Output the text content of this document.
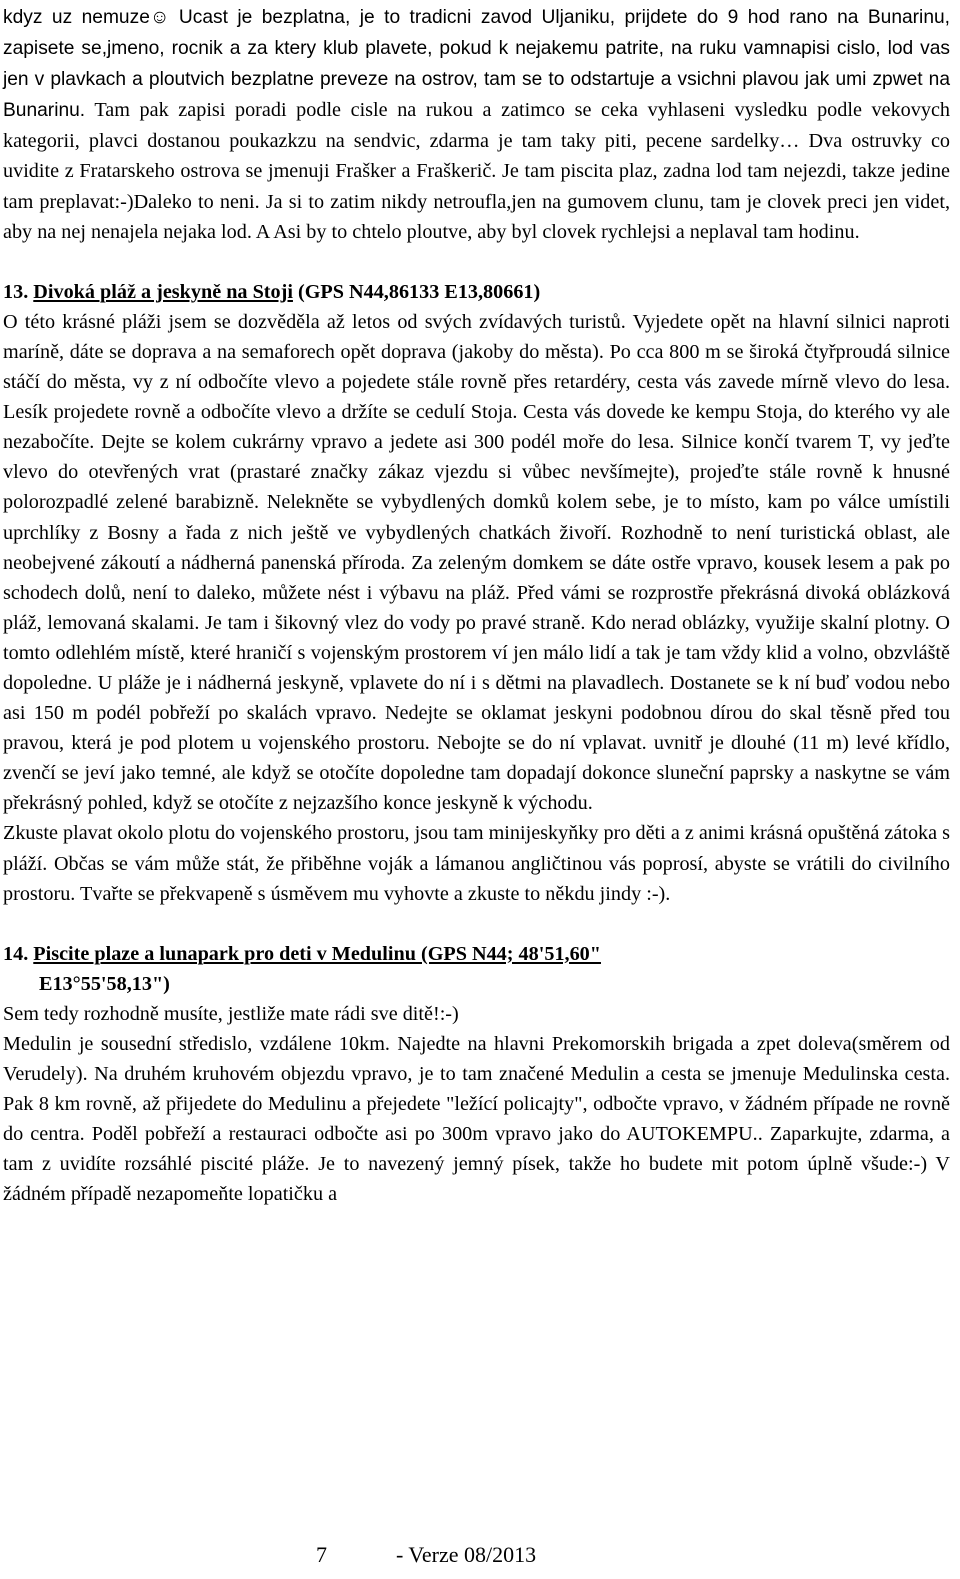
kdyz uz nemuze☺ Ucast je bezplatna, je to tradicni zavod Uljaniku, prijdete do 9 hod rano na Bunarinu, zapisete se,jmeno, rocnik a za ktery klub plavete, pokud k nejakemu patrite, na ruku vamnapisi cislo, lod vas jen v plavkach a ploutvich bezplatne preveze na ostrov, tam se to odstartuje a vsichni plavou jak umi zpwet na Bunarinu. Tam pak zapisi poradi podle cisle na rukou a zatimco se ceka vyhlaseni vysledku podle vekovych kategorii, plavci dostanou poukazkzu na sendvic, zdarma je tam taky piti, pecene sardelky… Dva ostruvky co uvidite z Fratarskeho ostrova se jmenuji Frašker a Fraškerič. Je tam piscita plaz, zadna lod tam nejezdi, takze jedine tam preplavat:-)Daleko to neni. Ja si to zatim nikdy netroufla,jen na gumovem clunu, tam je clovek preci jen videt, aby na nej nenajela nejaka lod. A Asi by to chtelo ploutve, aby byl clovek rychlejsi a neplaval tam hodinu.

13. Divoká pláž a jeskyně na Stoji (GPS N44,86133 E13,80661)

O této krásné pláži jsem se dozvěděla až letos od svých zvídavých turistů. Vyjedete opět na hlavní silnici naproti maríně, dáte se doprava a na semaforech opět doprava (jakoby do města). Po cca 800 m se široká čtyřproudá silnice stáčí do města, vy z ní odbočíte vlevo a pojedete stále rovně přes retardéry, cesta vás zavede mírně vlevo do lesa. Lesík projedete rovně a odbočíte vlevo a držíte se cedulí Stoja. Cesta vás dovede ke kempu Stoja, do kterého vy ale nezabočíte. Dejte se kolem cukrárny vpravo a jedete asi 300 podél moře do lesa. Silnice končí tvarem T, vy jeďte vlevo do otevřených vrat (prastaré značky zákaz vjezdu si vůbec nevšímejte), projeďte stále rovně k hnusné polorozpadlé zelené barabizně. Nelekněte se vybydlených domků kolem sebe, je to místo, kam po válce umístili uprchlíky z Bosny a řada z nich ještě ve vybydlených chatkách živoří. Rozhodně to není turistická oblast, ale neobejvené zákoutí a nádherná panenská příroda. Za zeleným domkem se dáte ostře vpravo, kousek lesem a pak po schodech dolů, není to daleko, můžete nést i výbavu na pláž. Před vámi se rozprostře překrásná divoká oblázková pláž, lemovaná skalami. Je tam i šikovný vlez do vody po pravé straně. Kdo nerad oblázky, využije skalní plotny. O tomto odlehlém místě, které hraničí s vojenským prostorem ví jen málo lidí a tak je tam vždy klid a volno, obzvláště dopoledne. U pláže je i nádherná jeskyně, vplavete do ní i s dětmi na plavadlech. Dostanete se k ní buď vodou nebo asi 150 m podél pobřeží po skalách vpravo. Nedejte se oklamat jeskyni podobnou dírou do skal těsně před tou pravou, která je pod plotem u vojenského prostoru. Nebojte se do ní vplavat. uvnitř je dlouhé (11 m) levé křídlo, zvenčí se jeví jako temné, ale když se otočíte dopoledne tam dopadají dokonce sluneční paprsky a naskytne se vám překrásný pohled, když se otočíte z nejzazšího konce jeskyně k východu.

Zkuste plavat okolo plotu do vojenského prostoru, jsou tam minijeskyňky pro děti a z animi krásná opuštěná zátoka s pláží. Občas se vám může stát, že přiběhne voják a lámanou angličtinou vás poprosí, abyste se vrátili do civilního prostoru. Tvařte se překvapeně s úsměvem mu vyhovte a zkuste to někdu jindy :-).

14. Piscite plaze a lunapark pro deti v Medulinu (GPS N44; 48'51,60"
E13°55'58,13")

Sem tedy rozhodně musíte, jestliže mate rádi sve ditě!:-)

Medulin je sousední středislo, vzdálene 10km. Najedte na hlavni Prekomorskih brigada a zpet doleva(směrem od Verudely). Na druhém kruhovém objezdu vpravo, je to tam značené Medulin a cesta se jmenuje Medulinska cesta. Pak 8 km rovně, až přijedete do Medulinu a přejedete "ležící policajty", odbočte vpravo, v žádném případe ne rovně do centra. Poděl pobřeží a restauraci odbočte asi po 300m vpravo jako do AUTOKEMPU.. Zaparkujte, zdarma, a tam z uvidíte rozsáhlé piscité pláže. Je to navezený jemný písek, takže ho budete mit potom úplně všude:-) V žádném případě nezapomeňte lopatičku a

7	- Verze 08/2013
